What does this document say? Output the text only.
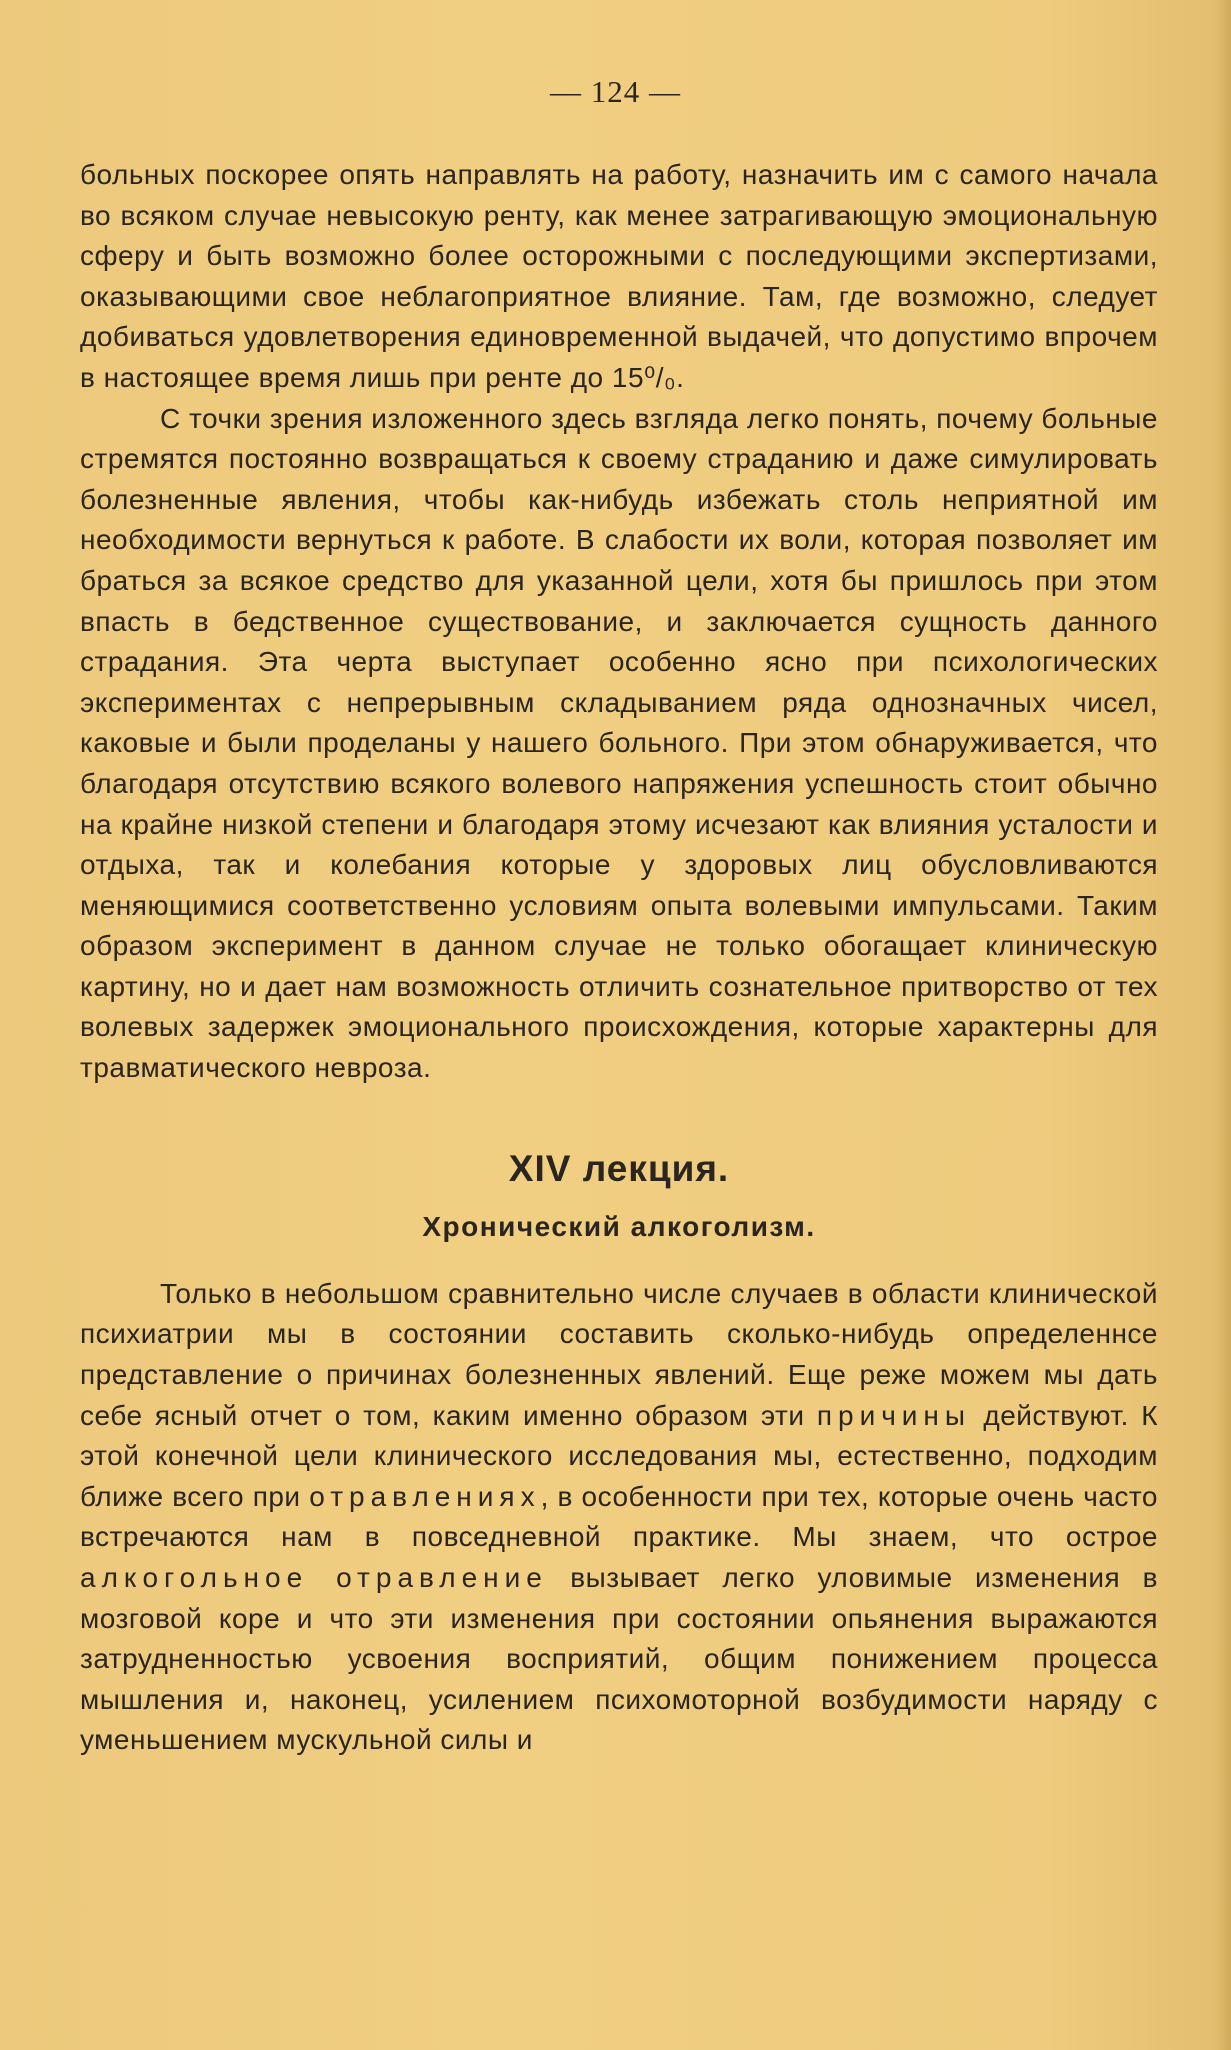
— 124 —

больных поскорее опять направлять на работу, назначить им с самого начала во всяком случае невысокую ренту, как менее затрагивающую эмоциональную сферу и быть возможно более осторожными с последующими экспертизами, оказывающими свое неблагоприятное влияние. Там, где возможно, следует добиваться удовлетворения единовременной выдачей, что допустимо впрочем в настоящее время лишь при ренте до 15⁰/₀.

С точки зрения изложенного здесь взгляда легко понять, почему больные стремятся постоянно возвращаться к своему страданию и даже симулировать болезненные явления, чтобы как-нибудь избежать столь неприятной им необходимости вернуться к работе. В слабости их воли, которая позволяет им браться за всякое средство для указанной цели, хотя бы пришлось при этом впасть в бедственное существование, и заключается сущность данного страдания. Эта черта выступает особенно ясно при психологических экспериментах с непрерывным складыванием ряда однозначных чисел, каковые и были проделаны у нашего больного. При этом обнаруживается, что благодаря отсутствию всякого волевого напряжения успешность стоит обычно на крайне низкой степени и благодаря этому исчезают как влияния усталости и отдыха, так и колебания которые у здоровых лиц обусловливаются меняющимися соответственно условиям опыта волевыми импульсами. Таким образом эксперимент в данном случае не только обогащает клиническую картину, но и дает нам возможность отличить сознательное притворство от тех волевых задержек эмоционального происхождения, которые характерны для травматического невроза.

XIV лекция.
Хронический алкоголизм.

Только в небольшом сравнительно числе случаев в области клинической психиатрии мы в состоянии составить сколько-нибудь определеннсе представление о причинах болезненных явлений. Еще реже можем мы дать себе ясный отчет о том, каким именно образом эти причины действуют. К этой конечной цели клинического исследования мы, естественно, подходим ближе всего при отравлениях, в особенности при тех, которые очень часто встречаются нам в повседневной практике. Мы знаем, что острое алкогольное отравление вызывает легко уловимые изменения в мозговой коре и что эти изменения при состоянии опьянения выражаются затрудненностью усвоения восприятий, общим понижением процесса мышления и, наконец, усилением психомоторной возбудимости наряду с уменьшением мускульной силы и
